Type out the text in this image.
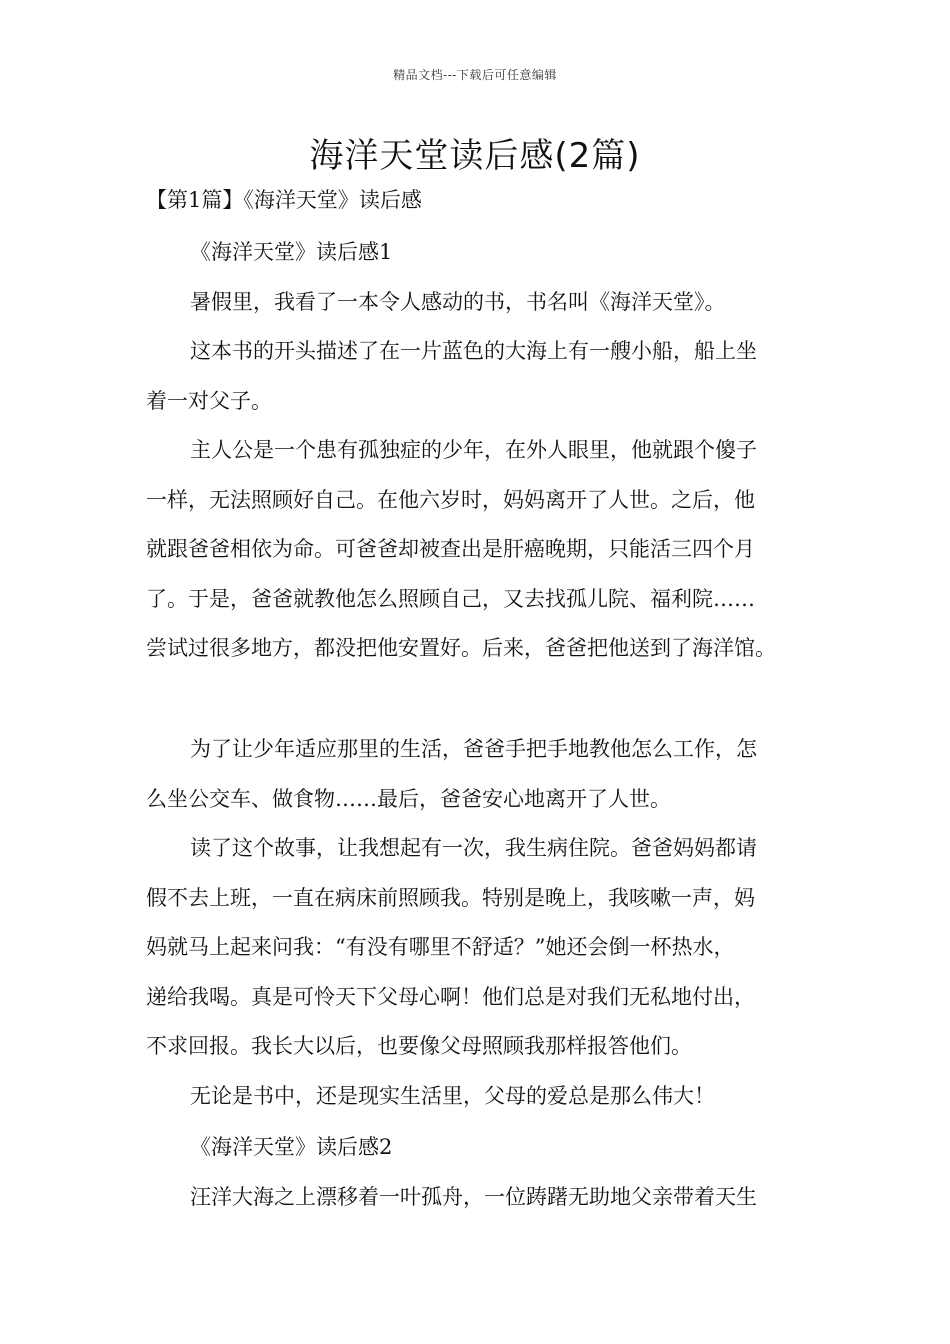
精品文档---下载后可任意编辑
海洋天堂读后感(2篇)
【第1篇】《海洋天堂》读后感
《海洋天堂》读后感1
暑假里，我看了一本令人感动的书，书名叫《海洋天堂》。
这本书的开头描述了在一片蓝色的大海上有一艘小船，船上坐
着一对父子。
主人公是一个患有孤独症的少年，在外人眼里，他就跟个傻子
一样，无法照顾好自己。在他六岁时，妈妈离开了人世。之后，他
就跟爸爸相依为命。可爸爸却被查出是肝癌晚期，只能活三四个月
了。于是，爸爸就教他怎么照顾自己，又去找孤儿院、福利院……
尝试过很多地方，都没把他安置好。后来，爸爸把他送到了海洋馆。
为了让少年适应那里的生活，爸爸手把手地教他怎么工作，怎
么坐公交车、做食物……最后，爸爸安心地离开了人世。
读了这个故事，让我想起有一次，我生病住院。爸爸妈妈都请
假不去上班，一直在病床前照顾我。特别是晚上，我咳嗽一声，妈
妈就马上起来问我：“有没有哪里不舒适？”她还会倒一杯热水，
递给我喝。真是可怜天下父母心啊！他们总是对我们无私地付出，
不求回报。我长大以后，也要像父母照顾我那样报答他们。
无论是书中，还是现实生活里，父母的爱总是那么伟大！
《海洋天堂》读后感2
汪洋大海之上漂移着一叶孤舟，一位踌躇无助地父亲带着天生
